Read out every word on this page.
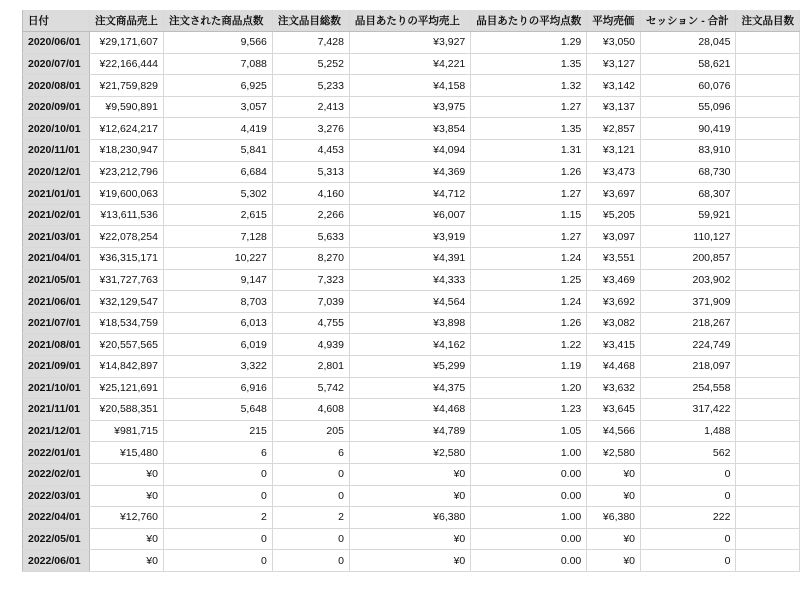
日付	注文商品売上	注文された商品点数	注文品目総数	品目あたりの平均売上	品目あたりの平均点数	平均売価	セッション - 合計	注文品目数
2020/06/01	¥29,171,607	9,566	7,428	¥3,927	1.29	¥3,050	28,045	
2020/07/01	¥22,166,444	7,088	5,252	¥4,221	1.35	¥3,127	58,621	
2020/08/01	¥21,759,829	6,925	5,233	¥4,158	1.32	¥3,142	60,076	
2020/09/01	¥9,590,891	3,057	2,413	¥3,975	1.27	¥3,137	55,096	
2020/10/01	¥12,624,217	4,419	3,276	¥3,854	1.35	¥2,857	90,419	
2020/11/01	¥18,230,947	5,841	4,453	¥4,094	1.31	¥3,121	83,910	
2020/12/01	¥23,212,796	6,684	5,313	¥4,369	1.26	¥3,473	68,730	
2021/01/01	¥19,600,063	5,302	4,160	¥4,712	1.27	¥3,697	68,307	
2021/02/01	¥13,611,536	2,615	2,266	¥6,007	1.15	¥5,205	59,921	
2021/03/01	¥22,078,254	7,128	5,633	¥3,919	1.27	¥3,097	110,127	
2021/04/01	¥36,315,171	10,227	8,270	¥4,391	1.24	¥3,551	200,857	
2021/05/01	¥31,727,763	9,147	7,323	¥4,333	1.25	¥3,469	203,902	
2021/06/01	¥32,129,547	8,703	7,039	¥4,564	1.24	¥3,692	371,909	
2021/07/01	¥18,534,759	6,013	4,755	¥3,898	1.26	¥3,082	218,267	
2021/08/01	¥20,557,565	6,019	4,939	¥4,162	1.22	¥3,415	224,749	
2021/09/01	¥14,842,897	3,322	2,801	¥5,299	1.19	¥4,468	218,097	
2021/10/01	¥25,121,691	6,916	5,742	¥4,375	1.20	¥3,632	254,558	
2021/11/01	¥20,588,351	5,648	4,608	¥4,468	1.23	¥3,645	317,422	
2021/12/01	¥981,715	215	205	¥4,789	1.05	¥4,566	1,488	
2022/01/01	¥15,480	6	6	¥2,580	1.00	¥2,580	562	
2022/02/01	¥0	0	0	¥0	0.00	¥0	0	
2022/03/01	¥0	0	0	¥0	0.00	¥0	0	
2022/04/01	¥12,760	2	2	¥6,380	1.00	¥6,380	222	
2022/05/01	¥0	0	0	¥0	0.00	¥0	0	
2022/06/01	¥0	0	0	¥0	0.00	¥0	0	
